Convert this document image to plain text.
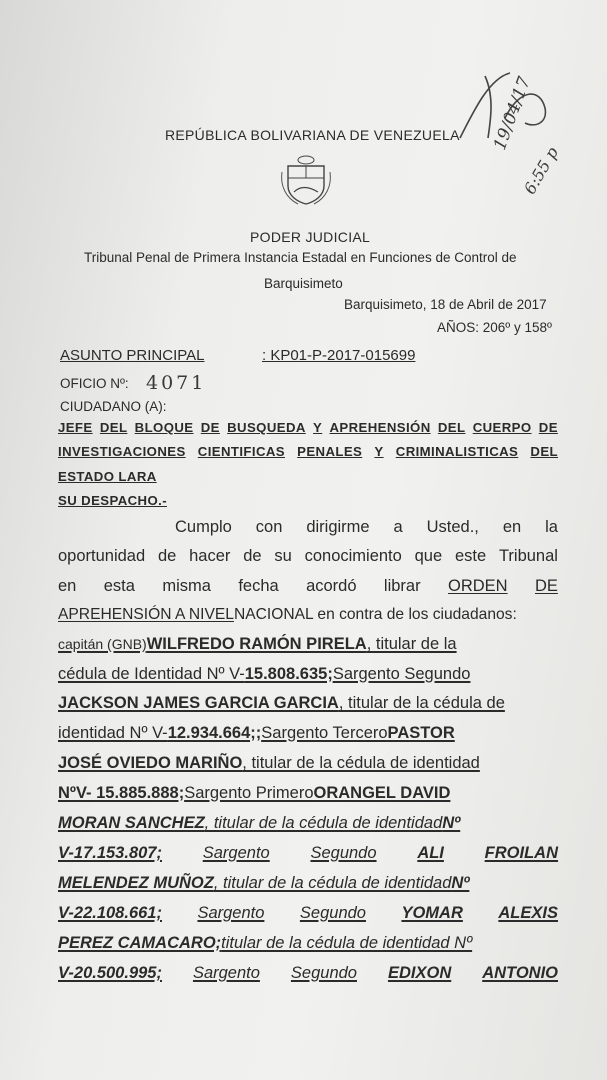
19/04/17
6:55 p
REPÚBLICA BOLIVARIANA DE VENEZUELA
PODER JUDICIAL
Tribunal Penal de Primera Instancia Estadal en Funciones de Control de
Barquisimeto
Barquisimeto, 18 de Abril de 2017
AÑOS: 206º y 158º
ASUNTO PRINCIPAL	: KP01-P-2017-015699
OFICIO Nº: 4071
CIUDADANO (A):
JEFE DEL BLOQUE DE BUSQUEDA Y APREHENSIÓN DEL CUERPO DE
INVESTIGACIONES CIENTIFICAS PENALES Y CRIMINALISTICAS DEL
ESTADO LARA
SU DESPACHO.-
Cumplo con dirigirme a Usted., en la
oportunidad de hacer de su conocimiento que este Tribunal
en esta misma fecha acordó librar ORDEN DE
APREHENSIÓN A NIVEL NACIONAL en contra de los ciudadanos:
capitán (GNB) WILFREDO RAMÓN PIRELA , titular de la
cédula de Identidad Nº V- 15.808.635; Sargento Segundo
JACKSON JAMES GARCIA GARCIA , titular de la cédula de
identidad Nº V- 12.934.664;; Sargento Tercero PASTOR
JOSÉ OVIEDO MARIÑO , titular de la cédula de identidad
NºV- 15.885.888; Sargento Primero ORANGEL DAVID
MORAN SANCHEZ , titular de la cédula de identidad Nº
V-17.153.807; Sargento Segundo ALI FROILAN
MELENDEZ MUÑOZ , titular de la cédula de identidad Nº
V-22.108.661; Sargento Segundo YOMAR ALEXIS
PEREZ CAMACARO; titular de la cédula de identidad Nº
V-20.500.995; Sargento Segundo EDIXON ANTONIO
